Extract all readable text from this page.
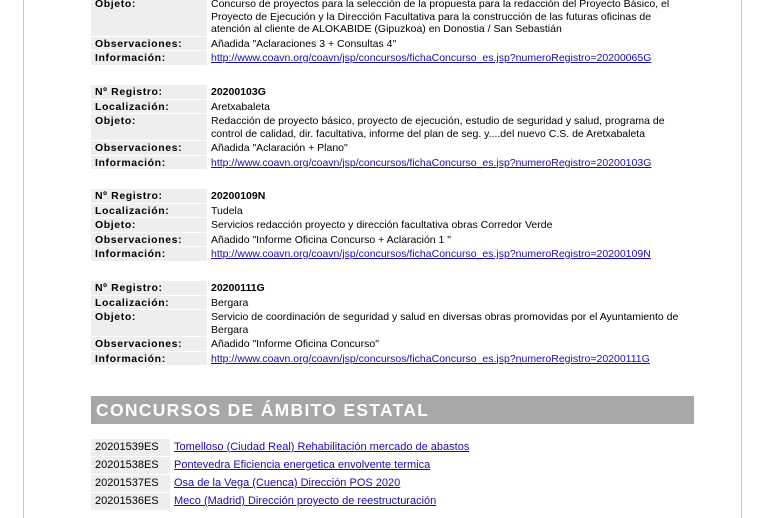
Objeto:	Concurso de proyectos para la selección de la propuesta para la redacción del Proyecto Básico, el Proyecto de Ejecución y la Dirección Facultativa para la construcción de las futuras oficinas de atención al cliente de ALOKABIDE (Gipuzkoa) en Donostia / San Sebastián
Observaciones:	Añadida "Aclaraciones 3 + Consultas 4"
Información:	http://www.coavn.org/coavn/jsp/concursos/fichaConcurso_es.jsp?numeroRegistro=20200065G
Nº Registro:	20200103G
Localización:	Aretxabaleta
Objeto:	Redacción de proyecto básico, proyecto de ejecución, estudio de seguridad y salud, programa de control de calidad, dir. facultativa, informe del plan de seg. y....del nuevo C.S. de Aretxabaleta
Observaciones:	Añadida "Aclaración + Plano"
Información:	http://www.coavn.org/coavn/jsp/concursos/fichaConcurso_es.jsp?numeroRegistro=20200103G
Nº Registro:	20200109N
Localización:	Tudela
Objeto:	Servicios redacción proyecto y dirección facultativa obras Corredor Verde
Observaciones:	Añadido "Informe Oficina Concurso + Aclaración 1 "
Información:	http://www.coavn.org/coavn/jsp/concursos/fichaConcurso_es.jsp?numeroRegistro=20200109N
Nº Registro:	20200111G
Localización:	Bergara
Objeto:	Servicio de coordinación de seguridad y salud en diversas obras promovidas por el Ayuntamiento de Bergara
Observaciones:	Añadido "Informe Oficina Concurso"
Información:	http://www.coavn.org/coavn/jsp/concursos/fichaConcurso_es.jsp?numeroRegistro=20200111G
CONCURSOS DE ÁMBITO ESTATAL
20201539ES	Tomelloso (Ciudad Real) Rehabilitación mercado de abastos
20201538ES	Pontevedra Eficiencia energetica envolvente termica
20201537ES	Osa de la Vega (Cuenca) Dirección POS 2020
20201536ES	Meco (Madrid) Dirección proyecto de reestructuración
